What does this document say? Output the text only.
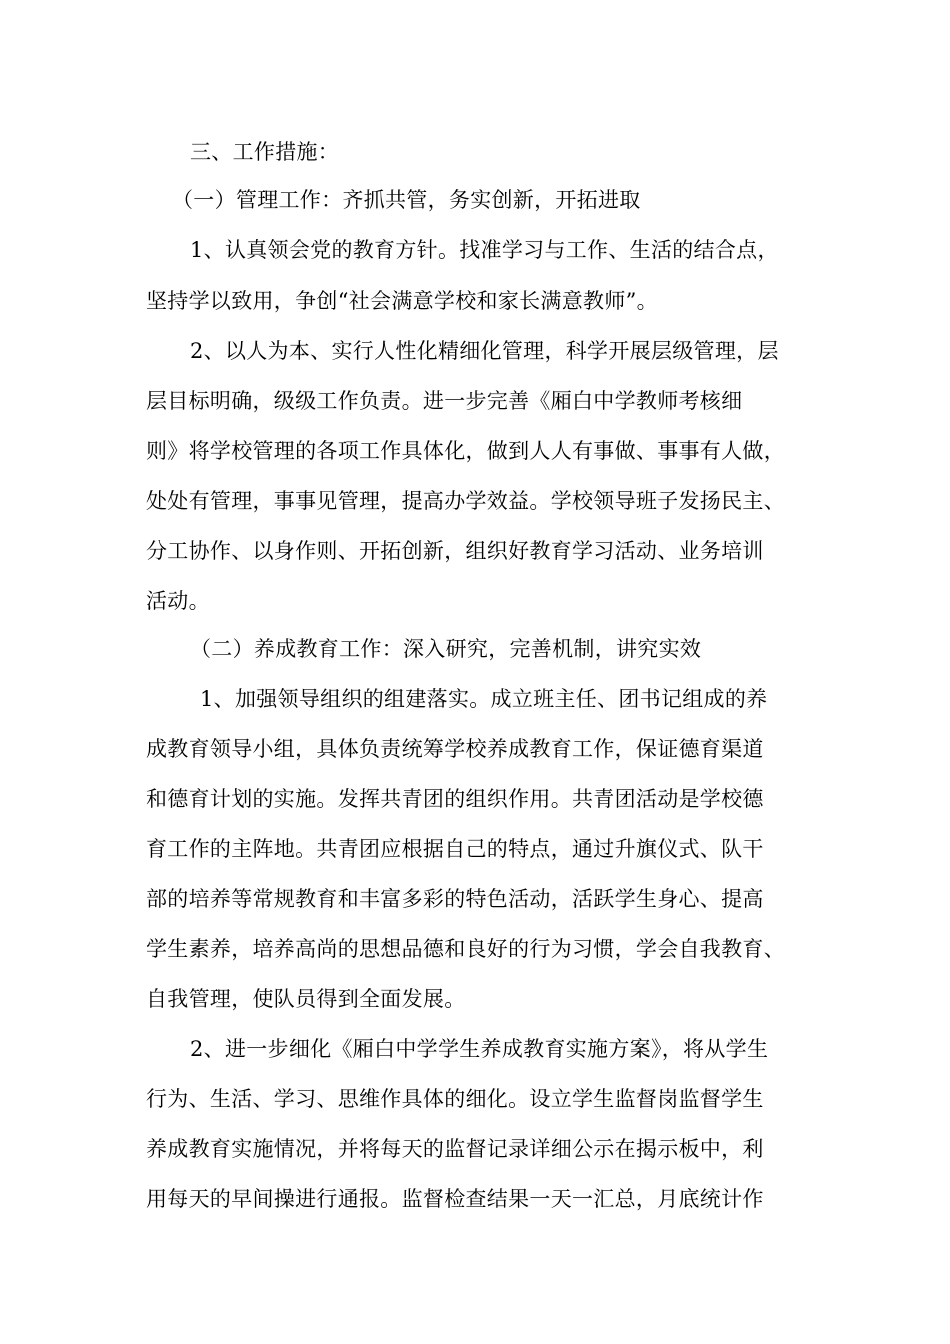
三、工作措施：
（一）管理工作：齐抓共管，务实创新，开拓进取
1、认真领会党的教育方针。找准学习与工作、生活的结合点，
坚持学以致用，争创“社会满意学校和家长满意教师”。
2、以人为本、实行人性化精细化管理，科学开展层级管理，层
层目标明确，级级工作负责。进一步完善《厢白中学教师考核细
则》将学校管理的各项工作具体化，做到人人有事做、事事有人做，
处处有管理，事事见管理，提高办学效益。学校领导班子发扬民主、
分工协作、以身作则、开拓创新，组织好教育学习活动、业务培训
活动。
（二）养成教育工作：深入研究，完善机制，讲究实效
1、加强领导组织的组建落实。成立班主任、团书记组成的养
成教育领导小组，具体负责统筹学校养成教育工作，保证德育渠道
和德育计划的实施。发挥共青团的组织作用。共青团活动是学校德
育工作的主阵地。共青团应根据自己的特点，通过升旗仪式、队干
部的培养等常规教育和丰富多彩的特色活动，活跃学生身心、提高
学生素养，培养高尚的思想品德和良好的行为习惯，学会自我教育、
自我管理，使队员得到全面发展。
2、进一步细化《厢白中学学生养成教育实施方案》，将从学生
行为、生活、学习、思维作具体的细化。设立学生监督岗监督学生
养成教育实施情况，并将每天的监督记录详细公示在揭示板中，利
用每天的早间操进行通报。监督检查结果一天一汇总，月底统计作
